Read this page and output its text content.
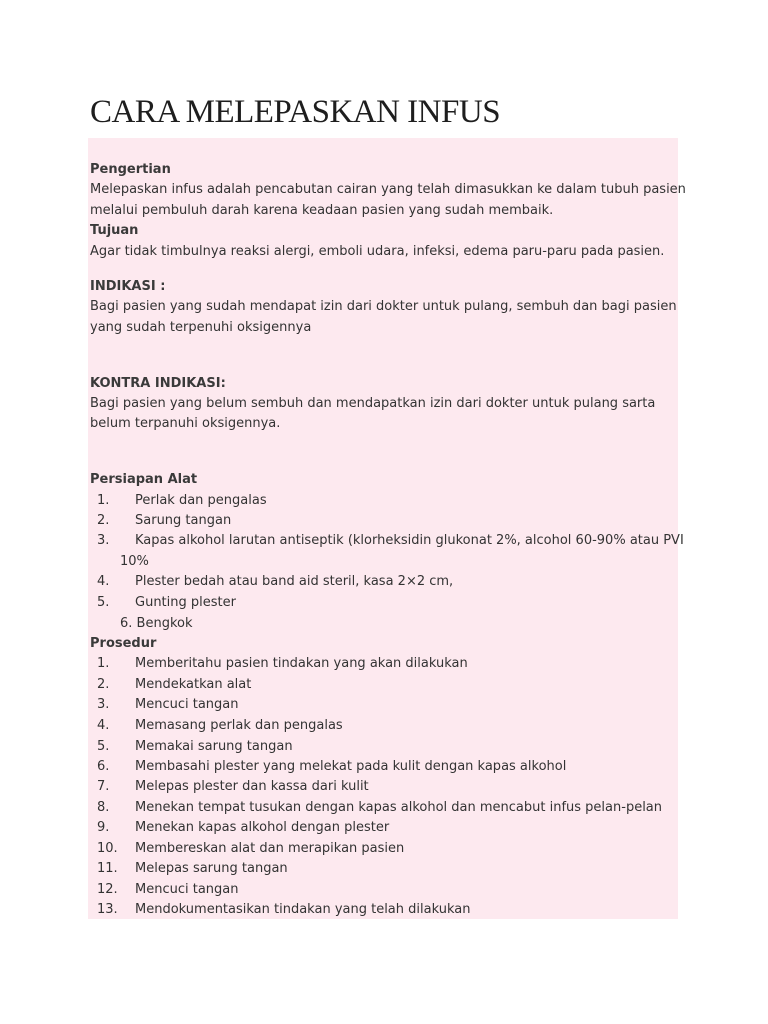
CARA MELEPASKAN INFUS

Pengertian

Melepaskan infus adalah pencabutan cairan yang telah dimasukkan ke dalam tubuh pasien

melalui pembuluh darah karena keadaan pasien yang sudah membaik.

Tujuan

Agar tidak timbulnya reaksi alergi, emboli udara, infeksi, edema paru-paru pada pasien.

INDIKASI :

Bagi pasien yang sudah mendapat izin dari dokter untuk pulang, sembuh dan bagi pasien

yang sudah terpenuhi oksigennya

KONTRA INDIKASI:

Bagi pasien yang belum sembuh dan mendapatkan izin dari dokter untuk pulang sarta

belum terpanuhi oksigennya.

Persiapan Alat

1. Perlak dan pengalas
2. Sarung tangan
3. Kapas alkohol larutan antiseptik (klorheksidin glukonat 2%, alcohol 60-90% atau PVI
10%
4. Plester bedah atau band aid steril, kasa 2×2 cm,
5. Gunting plester
6. Bengkok

Prosedur

1. Memberitahu pasien tindakan yang akan dilakukan
2. Mendekatkan alat
3. Mencuci tangan
4. Memasang perlak dan pengalas
5. Memakai sarung tangan
6. Membasahi plester yang melekat pada kulit dengan kapas alkohol
7. Melepas plester dan kassa dari kulit
8. Menekan tempat tusukan dengan kapas alkohol dan mencabut infus pelan-pelan
9. Menekan kapas alkohol dengan plester
10. Membereskan alat dan merapikan pasien
11. Melepas sarung tangan
12. Mencuci tangan
13. Mendokumentasikan tindakan yang telah dilakukan
